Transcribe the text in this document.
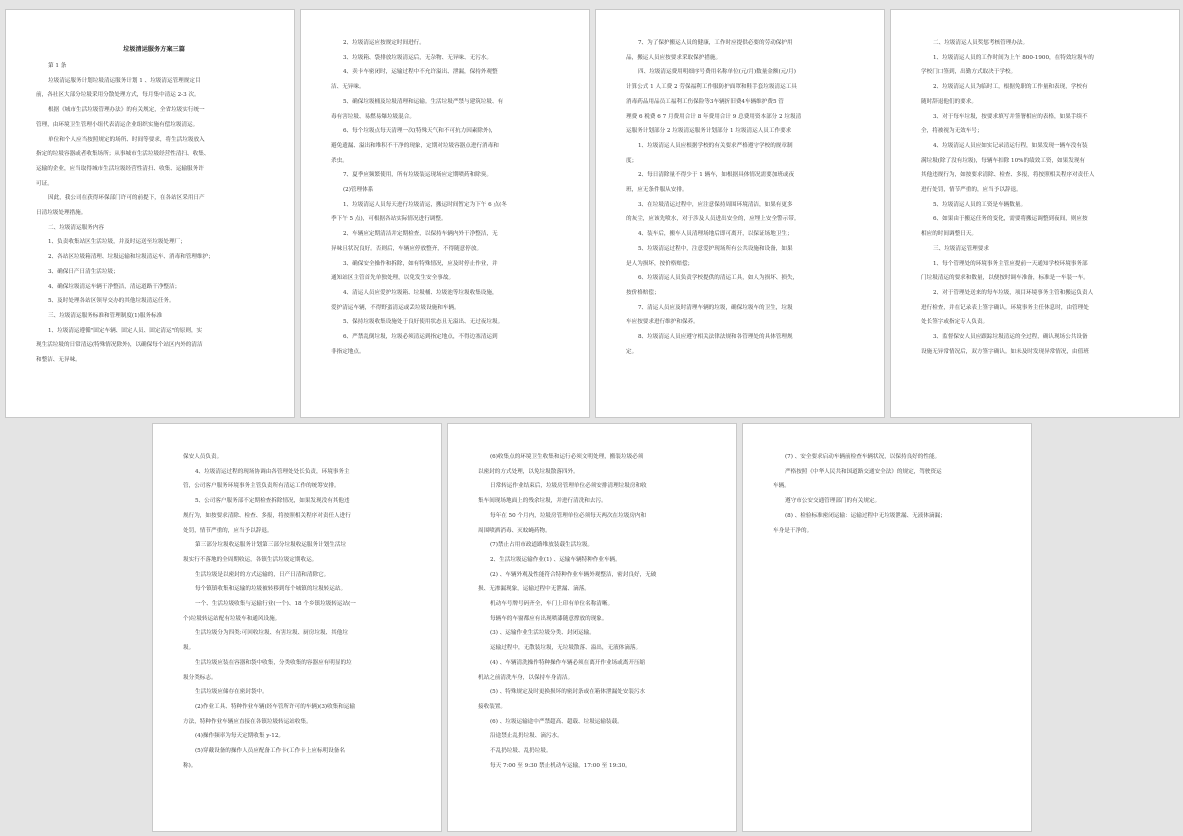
垃圾清运服务方案三篇
第 1 条
垃圾清运服务计划垃圾清运服务计划 1 、垃圾清运管理规定目
前，各社区大部分垃圾采用分散处理方式，每月集中清运 2-3 次。
根据《城市生活垃圾管理办法》的有关规定，全省垃圾实行统一
管理，由环境卫生管理小组代表清运企业组织实施有偿垃圾清运。
单位和个人应当按照规定的场所、时间等要求，将生活垃圾放入
指定的垃圾容器或者收集场所；从事城市生活垃圾经营性清扫、收集、
运输的企业，应当取得城市生活垃圾经营性清扫、收集、运输服务许
可证。
因此，我公司在获得环保部门许可的前提下，在各站区采用日产
日清垃圾处理措施。
二、垃圾清运服务内容
1、负责收集站区生活垃圾，并及时运送至垃圾处理厂；
2、各站区垃圾箱清理、垃圾运输和垃圾清运车、消毒和管理维护；
3、确保日产日清生活垃圾；
4、确保垃圾清运车辆干净整洁，清运道路干净整洁；
5、及时处理各站区领导交办的其他垃圾清运任务。
三、垃圾清运服务标准和管理制度(1)服务标准
1、垃圾清运遵循"固定车辆、固定人员、固定清运"的原则，实
现生活垃圾的日常清运(特殊情况除外)，以确保每个站区内外的清洁
和整洁、无异味。
2、垃圾清运应按规定时间进行。
3、垃圾箱、袋排放垃圾清运后，无杂物、无异味、无污水。
4、卖卡车密闭时，运输过程中不允许溢出、泄漏，保持外观整
洁、无异味。
5、确保垃圾桶及垃圾清理和运输。生活垃圾严禁与建筑垃圾、有
毒有害垃圾、易燃易爆垃圾混合。
6、每个垃圾点每天清理一次(特殊天气和不可抗力因素除外)，
避免遗漏、溢出和堆积不干净的现象，定期对垃圾容器点进行消毒和
杀虫。
7、夏季应频繁使用，所有垃圾装运现场应定期喷药和除臭。
(2)管理体系
1、垃圾清运人员每天进行垃圾清运，搬运时间暂定为下午 6 点(冬
季下午 5 点)，可根据各站实际情况进行调整。
2、车辆应定期清洁并定期检查，以保持车辆内外干净整洁，无
异味且状况良好。否则后，车辆应停放整齐，不得随意停放。
3、确保安全操作和拆除，如有特殊情况，应及时停止作业，并
通知站区主管首先单独处理，以免发生安全事故。
4、清运人员应爱护垃圾箱、垃圾桶、垃圾池等垃圾收集设施，
爱护清运车辆，不得野蛮清运或丢垃圾设施和车辆。
5、保持垃圾收集设施处于良好使用状态且无溢出、无过夜垃圾。
6、严禁乱倒垃圾，垃圾必须清运到指定地点，不得边塞清运到
非指定地点。
7、为了保护搬运人员的健康，工作时应提供必要的劳动保护用
品，搬运人员应按要求采取保护措施。
四、垃圾清运费用明细序号费用名称单位(元/月)数量金额(元/月)
计算公式 1 人工费 2 劳保福利工作服防护面罩和鞋手套垃圾清运工具
消毒药品用品员工福利工伤保险等3车辆折旧费4车辆维护费5 管
理费 6 税费 6 7 月费用合计 8 年费用合计 9 总费用资本部分 2 垃圾清
运服务计划部分 2 垃圾清运服务计划部分 1 垃圾清运人员工作要求
1、垃圾清运人员应根据学校的有关要求严格遵守学校的规章制
度；
2、每日清除量不得少于 1 辆车，如根据具体情况需要加班或夜
班，应无条件服从安排。
3、在垃圾清运过程中，应注意保持周围环境清洁，如果有更多
的灰尘，应该先喷水，对于涉及人员进出安全的，应埋上安全警示带。
4、装车后，搬车人员清理场地后即可离开，以保证场地卫生；
5、垃圾清运过程中，注意爱护现场所有公共设施和设备，如果
是人为损坏，按价格赔偿；
6、垃圾清运人员负责学校提供的清运工具，如人为损坏、损失，
按价格赔偿；
7、清运人员应及时清理车辆的垃圾，确保垃圾车的卫生，垃圾
车应按要求进行维护和保养。
8、垃圾清运人员应遵守相关法律法规和各管理处的具体管理规
定。
二、垃圾清运人员奖惩考核管理办法。
1、垃圾清运人员的工作时间为上午 800-1900，在特效垃圾车的
学校门口签到，出勤方式取决于学校。
2、垃圾清运人员为临时工，根据免职的工作量和表现，学校有
随时辞退他们的要求。
3、对于每车垃圾，按要求填写并签署相应的表格，如果手续不
全，将被视为无效车号；
4、垃圾清运人员应如实记录清运行程，如果发现一辆车没有装
满垃圾(除了没有垃圾)，每辆车扣除 10%的绩效工资，如果发现有
其他违规行为，如按要求清除、检查、多报，将按照相关程序对责任人
进行处罚，情节严重的，应当予以辞退。
5、垃圾清运人员的工资是车辆数量。
6、如果由于搬运任务的变化，需要将搬运调整到夜间，则应按
相应的时间调整日天。
三、垃圾清运管理要求
1、每个管理处的环境事务主管应提前一天通知学校环境事务部
门垃圾清运的要求和数量，以便按时调车准备，标准是一车装一车。
2、对于管理处送来的每车垃圾，项目环境事务主管和搬运负责人
进行检查，并在记录表上签字确认。环境事务主任休息时，由管理处
处长签字或指定专人负责。
3、监督保安人员应跟踪垃圾清运的全过程，确认现场公共设备
设施无异常情况后，双方签字确认。如未及时发现异常情况，由值班
保安人员负责。
4、垃圾清运过程的现场协调由各管理处处长负责，环境事务主
管，公司客户服务环境事务主管负责所有清运工作的统筹安排。
5、公司客户服务部不定期检查拆除情况，如果发现没有其他违
规行为，如按要求清除、检查、多报，将按照相关程序对责任人进行
处罚，情节严重的，应当予以辞退。
第三部分垃圾收运服务计划第三部分垃圾收运服务计划生活垃
圾实行不落地的全周期收运，各镇生活垃圾定期收运。
生活垃圾是以密封的方式运输的，日产日清和清除它。
每个镇镇收集和运输的垃圾被转移到每个城镇的垃圾转运站。
一个、生活垃圾收集与运输行业(一个)、18 个乡镇垃圾转运站(一
个)垃圾转运站配有垃圾车和通风设施。
生活垃圾分为四类:可回收垃圾、有害垃圾、厨房垃圾、其他垃
圾。
生活垃圾应装在容器和袋中收集，分类收集的容器应有明显的垃
圾分类标志。
生活垃圾应储存在密封袋中。
(2)作业工具、特种作业车辆(经车管所许可的车辆)(3)收集和运输
方法，特种作业车辆应直接在各镇垃圾转运站收集。
(4)操作频率为每天定期收集 y-12。
(5)穿戴设备的操作人员应配备工作卡(工作卡上应标明设备名
称)。
(6)收集点的环境卫生收集和运行必须文明处理，搬装垃圾必须
以密封的方式处理，以免垃圾散落四外。
日常转运作业结束后，垃圾房管理单位必须安排清理垃圾房和收
集车间现场地面上的残余垃圾，并进行清洗和去污。
每年在 50 个月内，垃圾房管理单位必须每天两次在垃圾房内和
周围喷洒消毒、灭蚊蝇药物。
(7)禁止占用市政道路堆放装载生活垃圾。
2、生活垃圾运输作业(1) 、运输车辆特种作业车辆。
(2) 、车辆外观及性能符合特种作业车辆外观整洁，密封良好，无破
损、无渗漏现象，运输过程中无泄漏、滴落。
机动车号牌号码齐全，车门上印有单位名称清晰。
每辆车的车窗都应有出现喷漆随意撑放的现象。
(3) 、运输作业生活垃圾分类、封闭运输。
运输过程中，无散装垃圾，无垃圾散落、溢出，无液体滴落。
(4) 、车辆清洗操作特种操作车辆必须在离开作业场或离开压缩
机站之前清洗车身，以保持车身清洁。
(5) 、特殊规定及时更换损坏的密封条或在箱体泄漏处安装污水
接收装置。
(6) 、垃圾运输途中严禁超高、超载、垃圾运输装载。
沿途禁止乱扔垃圾、滴污水。
不乱扔垃圾、乱扔垃圾。
每天 7:00 至 9:30 禁止机动车运输，17:00 至 19:30。
(7) 、安全要求启动车辆前检查车辆状况，以保持良好的性能。
严格按照《中华人民共和国道路交通安全法》的规定，驾驶资运
车辆。
遵守市公安交通管理部门的有关规定。
(8) 、检验标准密闭运输：运输过程中无垃圾泄漏、无液体滴漏；
车身是干净的。
